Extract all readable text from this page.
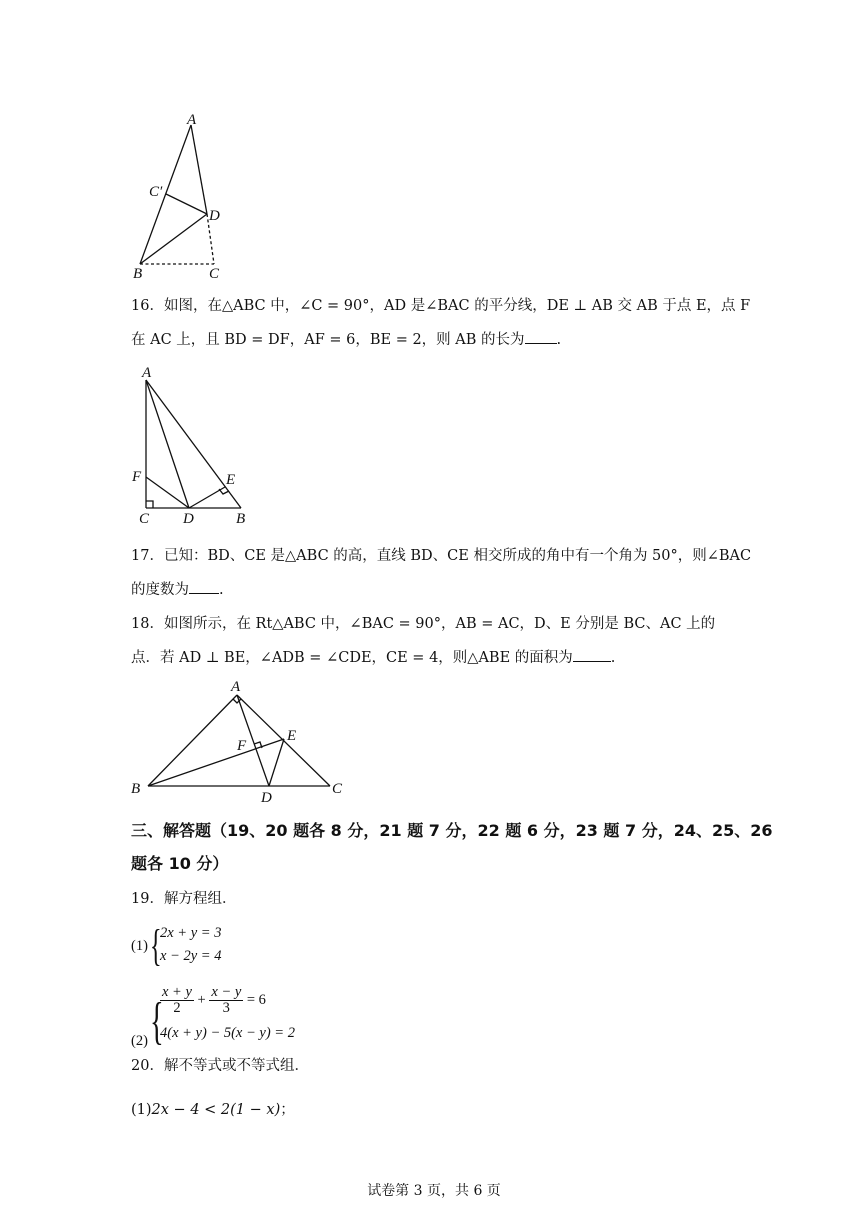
A
C′
D
B	C
16．如图，在△ABC 中，∠C = 90°，AD 是∠BAC 的平分线，DE ⊥ AB 交 AB 于点 E，点 F
在 AC 上，且 BD = DF，AF = 6，BE = 2，则 AB 的长为 .
A
F	E
C D	B
17．已知：BD、CE 是△ABC 的高，直线 BD、CE 相交所成的角中有一个角为 50°，则∠BAC
的度数为 .
18．如图所示，在 Rt△ABC 中，∠BAC = 90°，AB = AC，D、E 分别是 BC、AC 上的
点．若 AD ⊥ BE，∠ADB = ∠CDE，CE = 4，则△ABE 的面积为	.
A
F
E
B
D
C
三、解答题（19、20 题各 8 分，21 题 7 分，22 题 6 分，23 题 7 分，24、25、26
题各 10 分）
19．解方程组．
(1) {
2x + y = 3
x − 2y = 4
(2) {
$\frac{x + y}{2} + \frac{x - y}{3} = 6$
4(x + y) − 5(x − y) = 2
20．解不等式或不等式组．
(1)2x − 4 < 2(1 − x)；
试卷第 3 页，共 6 页
